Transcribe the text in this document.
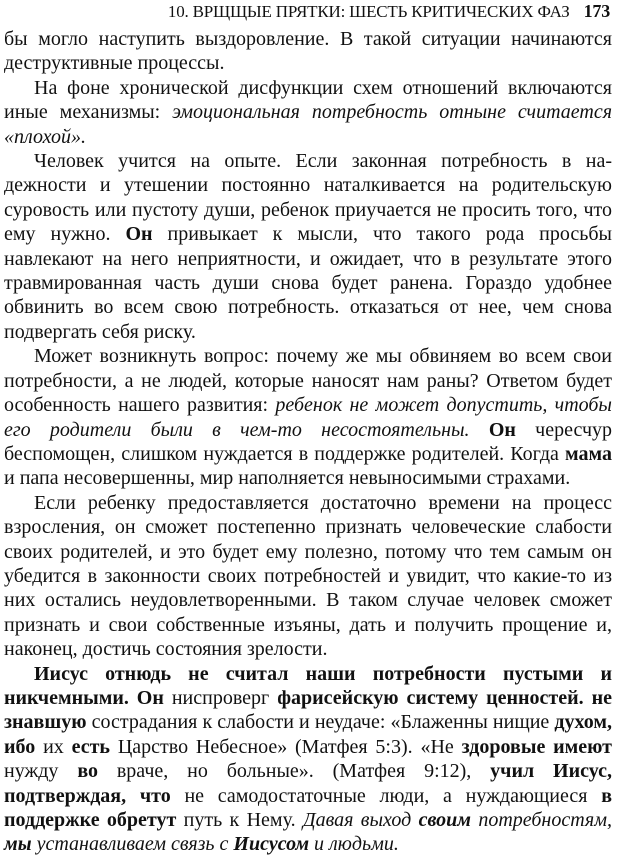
10. ВРЩЩЫЕ ПРЯТКИ: ШЕСТЬ КРИТИЧЕСКИХ ФАЗ 173

бы могло наступить выздоровление. В такой ситуации начинаются деструктивные процессы.

На фоне хронической дисфункции схем отношений включаются иные механизмы: эмоциональная потребность отныне считается «плохой».

Человек учится на опыте. Если законная потребность в надежности и утешении постоянно наталкивается на родительскую суровость или пустоту души, ребенок приучается не просить того, что ему нужно. Он привыкает к мысли, что такого рода просьбы навлекают на него неприятности, и ожидает, что в результате этого травмированная часть души снова будет ранена. Гораздо удобнее обвинить во всем свою потребность. отказаться от нее, чем снова подвергать себя риску.

Может возникнуть вопрос: почему же мы обвиняем во всем свои потребности, а не людей, которые наносят нам раны? Ответом будет особенность нашего развития: ребенок не может допустить, чтобы его родители были в чем-то несостоятельны. Он чересчур беспомощен, слишком нуждается в поддержке родителей. Когда мама и папа несовершенны, мир наполняется невыносимыми страхами.

Если ребенку предоставляется достаточно времени на процесс взросления, он сможет постепенно признать человеческие слабости своих родителей, и это будет ему полезно, потому что тем самым он убедится в законности своих потребностей и увидит, что какие-то из них остались неудовлетворенными. В таком случае человек сможет признать и свои собственные изъяны, дать и получить прощение и, наконец, достичь состояния зрелости.

Иисус отнюдь не считал наши потребности пустыми и никчемными. Он ниспроверг фарисейскую систему ценностей. не знавшую сострадания к слабости и неудаче: «Блаженны нищие духом, ибо их есть Царство Небесное» (Матфея 5:3). «Не здоровые имеют нужду во враче, но больные». (Матфея 9:12), учил Иисус, подтверждая, что не самодостаточные люди, а нуждающиеся в поддержке обретут путь к Нему. Давая выход своим потребностям, мы устанавливаем связь с Иисусом и людьми.
